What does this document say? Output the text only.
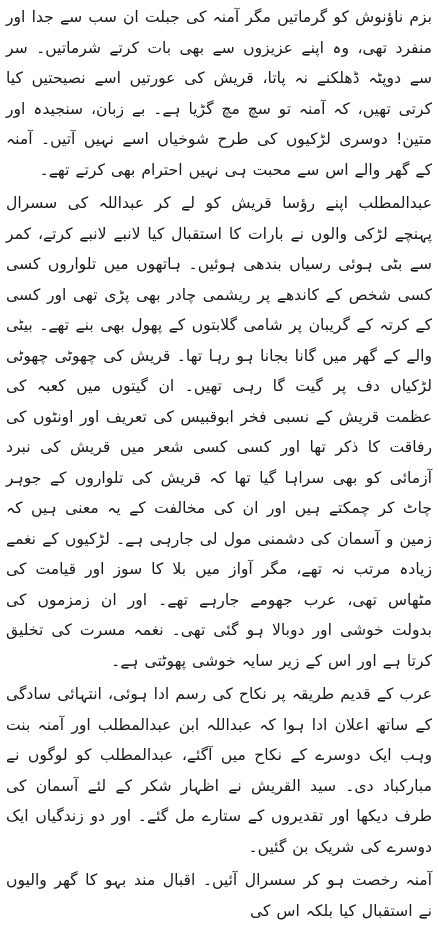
بزم ناؤنوش کو گرماتیں مگر آمنہ کی جبلت ان سب سے جدا اور منفرد تھی، وہ اپنے عزیزوں سے بھی بات کرتے شرماتیں۔ سر سے دوپٹہ ڈھلکنے نہ پاتا، قریش کی عورتیں اسے نصیحتیں کیا کرتی تھیں، کہ آمنہ تو سچ مچ گڑیا ہے۔ بے زبان، سنجیدہ اور متین! دوسری لڑکیوں کی طرح شوخیاں اسے نہیں آتیں۔ آمنہ کے گھر والے اس سے محبت ہی نہیں احترام بھی کرتے تھے۔

عبدالمطلب اپنے رؤسا قریش کو لے کر عبداللہ کی سسرال پہنچے لڑکی والوں نے بارات کا استقبال کیا لانبے لانبے کرتے، کمر سے بٹی ہوئی رسیاں بندھی ہوئیں۔ ہاتھوں میں تلواروں کسی کسی شخص کے کاندھے پر ریشمی چادر بھی پڑی تھی اور کسی کے کرتہ کے گریبان پر شامی گلابتوں کے پھول بھی بنے تھے۔ بیٹی والے کے گھر میں گانا بجانا ہو رہا تھا۔ قریش کی چھوٹی چھوٹی لڑکیاں دف پر گیت گا رہی تھیں۔ ان گیتوں میں کعبہ کی عظمت قریش کے نسبی فخر ابوقبیس کی تعریف اور اونٹوں کی رفاقت کا ذکر تھا اور کسی کسی شعر میں قریش کی نبرد آزمائی کو بھی سراہا گیا تھا کہ قریش کی تلواروں کے جوہر چاٹ کر چمکتے ہیں اور ان کی مخالفت کے یہ معنی ہیں کہ زمین و آسمان کی دشمنی مول لی جارہی ہے۔ لڑکیوں کے نغمے زیادہ مرتب نہ تھے، مگر آواز میں بلا کا سوز اور قیامت کی مٹھاس تھی، عرب جھومے جارہے تھے۔ اور ان زمزموں کی بدولت خوشی اور دوبالا ہو گئی تھی۔ نغمہ مسرت کی تخلیق کرتا ہے اور اس کے زیر سایہ خوشی پھوٹتی ہے۔

عرب کے قدیم طریقہ پر نکاح کی رسم ادا ہوئی، انتہائی سادگی کے ساتھ اعلان ادا ہوا کہ عبداللہ ابن عبدالمطلب اور آمنہ بنت وہب ایک دوسرے کے نکاح میں آگئے، عبدالمطلب کو لوگوں نے مبارکباد دی۔ سید القریش نے اظہار شکر کے لئے آسمان کی طرف دیکھا اور تقدیروں کے ستارے مل گئے۔ اور دو زندگیاں ایک دوسرے کی شریک بن گئیں۔

آمنہ رخصت ہو کر سسرال آئیں۔ اقبال مند بہو کا گھر والیوں نے استقبال کیا بلکہ اس کی
